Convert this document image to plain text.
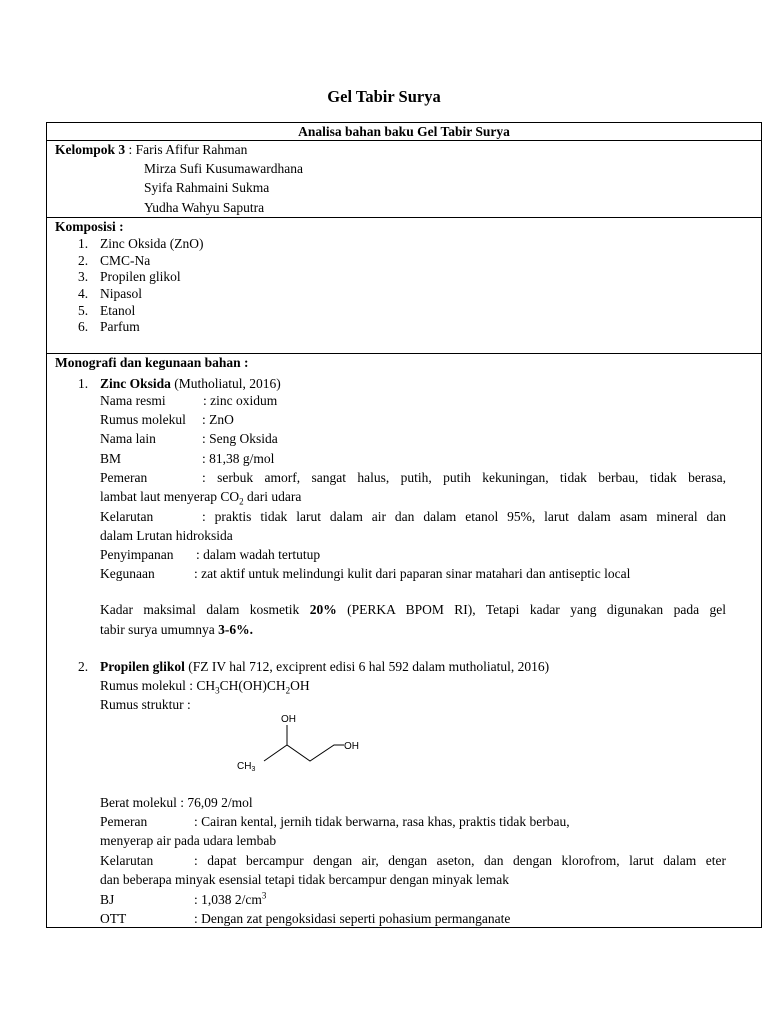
Gel Tabir Surya
Analisa bahan baku Gel Tabir Surya
Kelompok 3 : Faris Afifur Rahman
Mirza Sufi Kusumawardhana
Syifa Rahmaini Sukma
Yudha Wahyu Saputra
Komposisi :
1. Zinc Oksida (ZnO)
2. CMC-Na
3. Propilen glikol
4. Nipasol
5. Etanol
6. Parfum
Monografi dan kegunaan bahan :
1. Zinc Oksida (Mutholiatul, 2016)
Nama resmi	: zinc oxidum
Rumus molekul : ZnO
Nama lain	: Seng Oksida
BM	: 81,38 g/mol
Pemeran	: serbuk amorf, sangat halus, putih, putih kekuningan, tidak berbau, tidak berasa,
lambat laut menyerap $CO_2$ dari udara
Kelarutan	: praktis tidak larut dalam air dan dalam etanol 95%, larut dalam asam mineral dan
dalam Lrutan hidroksida
Penyimpanan : dalam wadah tertutup
Kegunaan	: zat aktif untuk melindungi kulit dari paparan sinar matahari dan antiseptic local
Kadar maksimal dalam kosmetik 20% (PERKA BPOM RI), Tetapi kadar yang digunakan pada gel
tabir surya umumnya 3-6%.
2. Propilen glikol (FZ IV hal 712, exciprent edisi 6 hal 592 dalam mutholiatul, 2016)
Rumus molekul : $CH_3CH(OH)CH_2OH$
Rumus struktur :
OH
OH
$CH_3$
Berat molekul : 76,09 2/mol
Pemeran	: Cairan kental, jernih tidak berwarna, rasa khas, praktis tidak berbau,
menyerap air pada udara lembab
Kelarutan	: dapat bercampur dengan air, dengan aseton, dan dengan klorofrom, larut dalam eter
dan beberapa minyak esensial tetapi tidak bercampur dengan minyak lemak
BJ	: 1,038 $2/cm^3$
OTT	: Dengan zat pengoksidasi seperti pohasium permanganate
